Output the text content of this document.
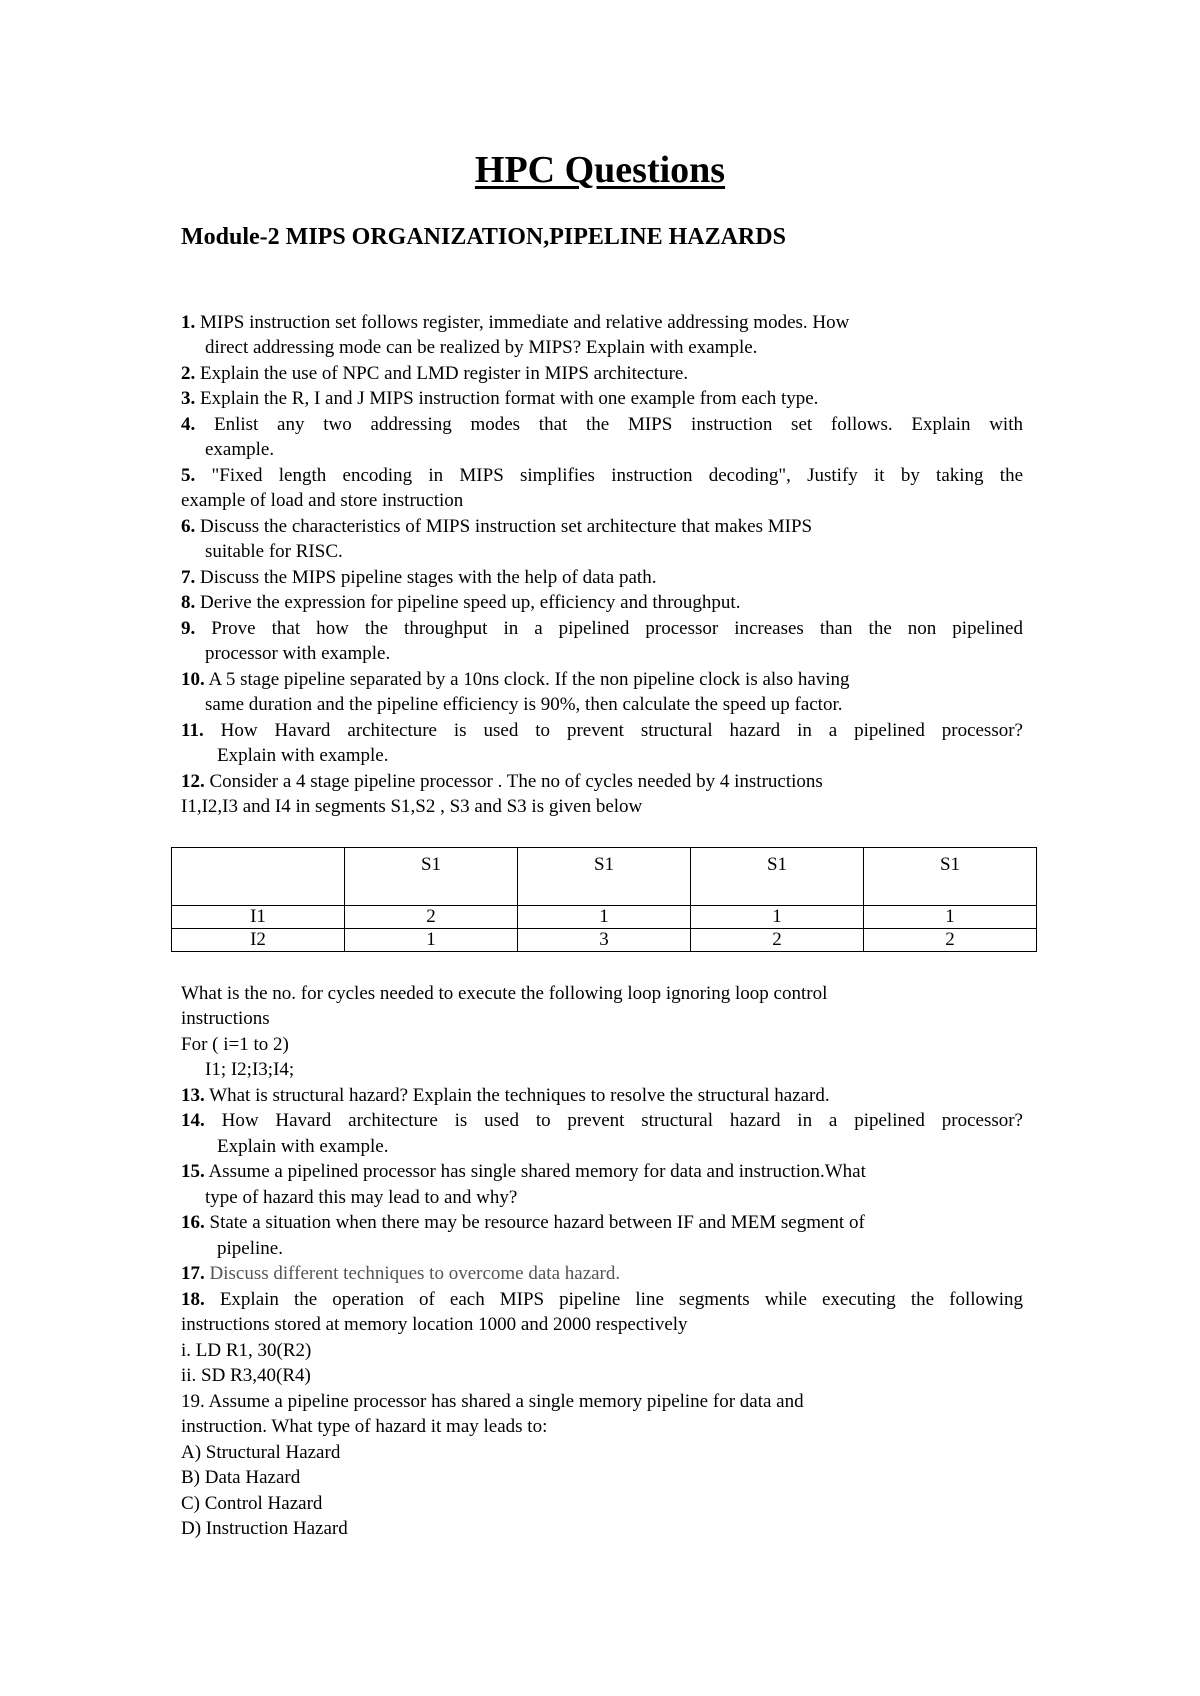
HPC Questions
Module-2 MIPS ORGANIZATION,PIPELINE HAZARDS
1. MIPS instruction set follows register, immediate and relative addressing modes. How
direct addressing mode can be realized by MIPS? Explain with example.
2. Explain the use of NPC and LMD register in MIPS architecture.
3. Explain the R, I and J MIPS instruction format with one example from each type.
4. Enlist any two addressing modes that the MIPS instruction set follows. Explain with
example.
5. "Fixed length encoding in MIPS simplifies instruction decoding", Justify it by taking the
example of load and store instruction
6. Discuss the characteristics of MIPS instruction set architecture that makes MIPS
suitable for RISC.
7. Discuss the MIPS pipeline stages with the help of data path.
8. Derive the expression for pipeline speed up, efficiency and throughput.
9. Prove that how the throughput in a pipelined processor increases than the non pipelined
processor with example.
10. A 5 stage pipeline separated by a 10ns clock. If the non pipeline clock is also having
same duration and the pipeline efficiency is 90%, then calculate the speed up factor.
11. How Havard architecture is used to prevent structural hazard in a pipelined processor?
Explain with example.
12. Consider a 4 stage pipeline processor . The no of cycles needed by 4 instructions
I1,I2,I3 and I4 in segments S1,S2 , S3 and S3 is given below
	S1	S1	S1	S1
I1	2	1	1	1
I2	1	3	2	2
What is the no. for cycles needed to execute the following loop ignoring loop control
instructions
For ( i=1 to 2)
I1; I2;I3;I4;
13. What is structural hazard? Explain the techniques to resolve the structural hazard.
14. How Havard architecture is used to prevent structural hazard in a pipelined processor?
Explain with example.
15. Assume a pipelined processor has single shared memory for data and instruction.What
type of hazard this may lead to and why?
16. State a situation when there may be resource hazard between IF and MEM segment of
pipeline.
17. Discuss different techniques to overcome data hazard.
18. Explain the operation of each MIPS pipeline line segments while executing the following
instructions stored at memory location 1000 and 2000 respectively
i. LD R1, 30(R2)
ii. SD R3,40(R4)
19. Assume a pipeline processor has shared a single memory pipeline for data and
instruction. What type of hazard it may leads to:
A) Structural Hazard
B) Data Hazard
C) Control Hazard
D) Instruction Hazard
